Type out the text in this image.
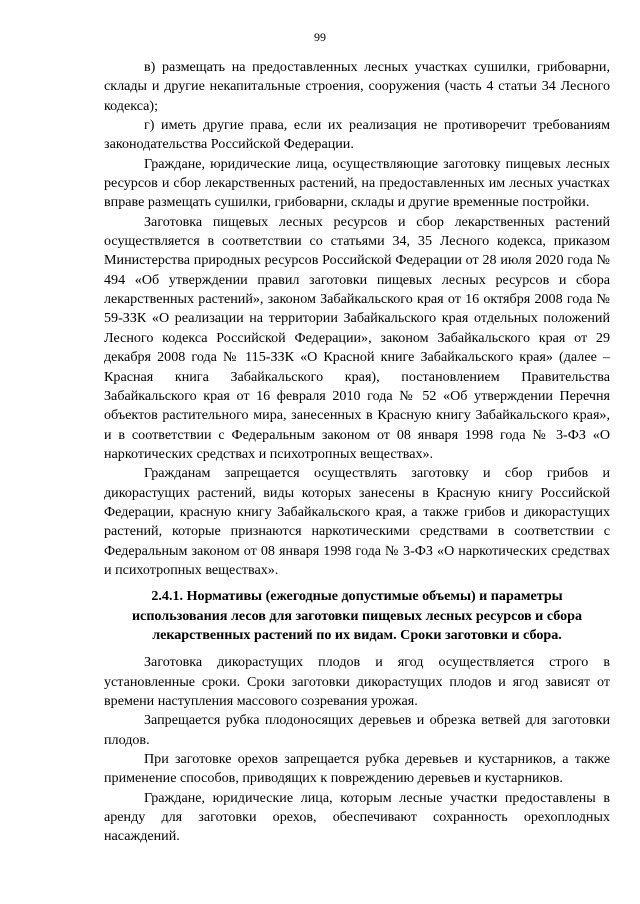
99

в) размещать на предоставленных лесных участках сушилки, грибоварни, склады и другие некапитальные строения, сооружения (часть 4 статьи 34 Лесного кодекса);

г) иметь другие права, если их реализация не противоречит требованиям законодательства Российской Федерации.

Граждане, юридические лица, осуществляющие заготовку пищевых лесных ресурсов и сбор лекарственных растений, на предоставленных им лесных участках вправе размещать сушилки, грибоварни, склады и другие временные постройки.

Заготовка пищевых лесных ресурсов и сбор лекарственных растений осуществляется в соответствии со статьями 34, 35 Лесного кодекса, приказом Министерства природных ресурсов Российской Федерации от 28 июля 2020 года № 494 «Об утверждении правил заготовки пищевых лесных ресурсов и сбора лекарственных растений», законом Забайкальского края от 16 октября 2008 года № 59-ЗЗК «О реализации на территории Забайкальского края отдельных положений Лесного кодекса Российской Федерации», законом Забайкальского края от 29 декабря 2008 года № 115-ЗЗК «О Красной книге Забайкальского края» (далее – Красная книга Забайкальского края), постановлением Правительства Забайкальского края от 16 февраля 2010 года № 52 «Об утверждении Перечня объектов растительного мира, занесенных в Красную книгу Забайкальского края», и в соответствии с Федеральным законом от 08 января 1998 года № 3-ФЗ «О наркотических средствах и психотропных веществах».

Гражданам запрещается осуществлять заготовку и сбор грибов и дикорастущих растений, виды которых занесены в Красную книгу Российской Федерации, красную книгу Забайкальского края, а также грибов и дикорастущих растений, которые признаются наркотическими средствами в соответствии с Федеральным законом от 08 января 1998 года № 3-ФЗ «О наркотических средствах и психотропных веществах».

2.4.1. Нормативы (ежегодные допустимые объемы) и параметры использования лесов для заготовки пищевых лесных ресурсов и сбора лекарственных растений по их видам. Сроки заготовки и сбора.

Заготовка дикорастущих плодов и ягод осуществляется строго в установленные сроки. Сроки заготовки дикорастущих плодов и ягод зависят от времени наступления массового созревания урожая.

Запрещается рубка плодоносящих деревьев и обрезка ветвей для заготовки плодов.

При заготовке орехов запрещается рубка деревьев и кустарников, а также применение способов, приводящих к повреждению деревьев и кустарников.

Граждане, юридические лица, которым лесные участки предоставлены в аренду для заготовки орехов, обеспечивают сохранность орехоплодных насаждений.
